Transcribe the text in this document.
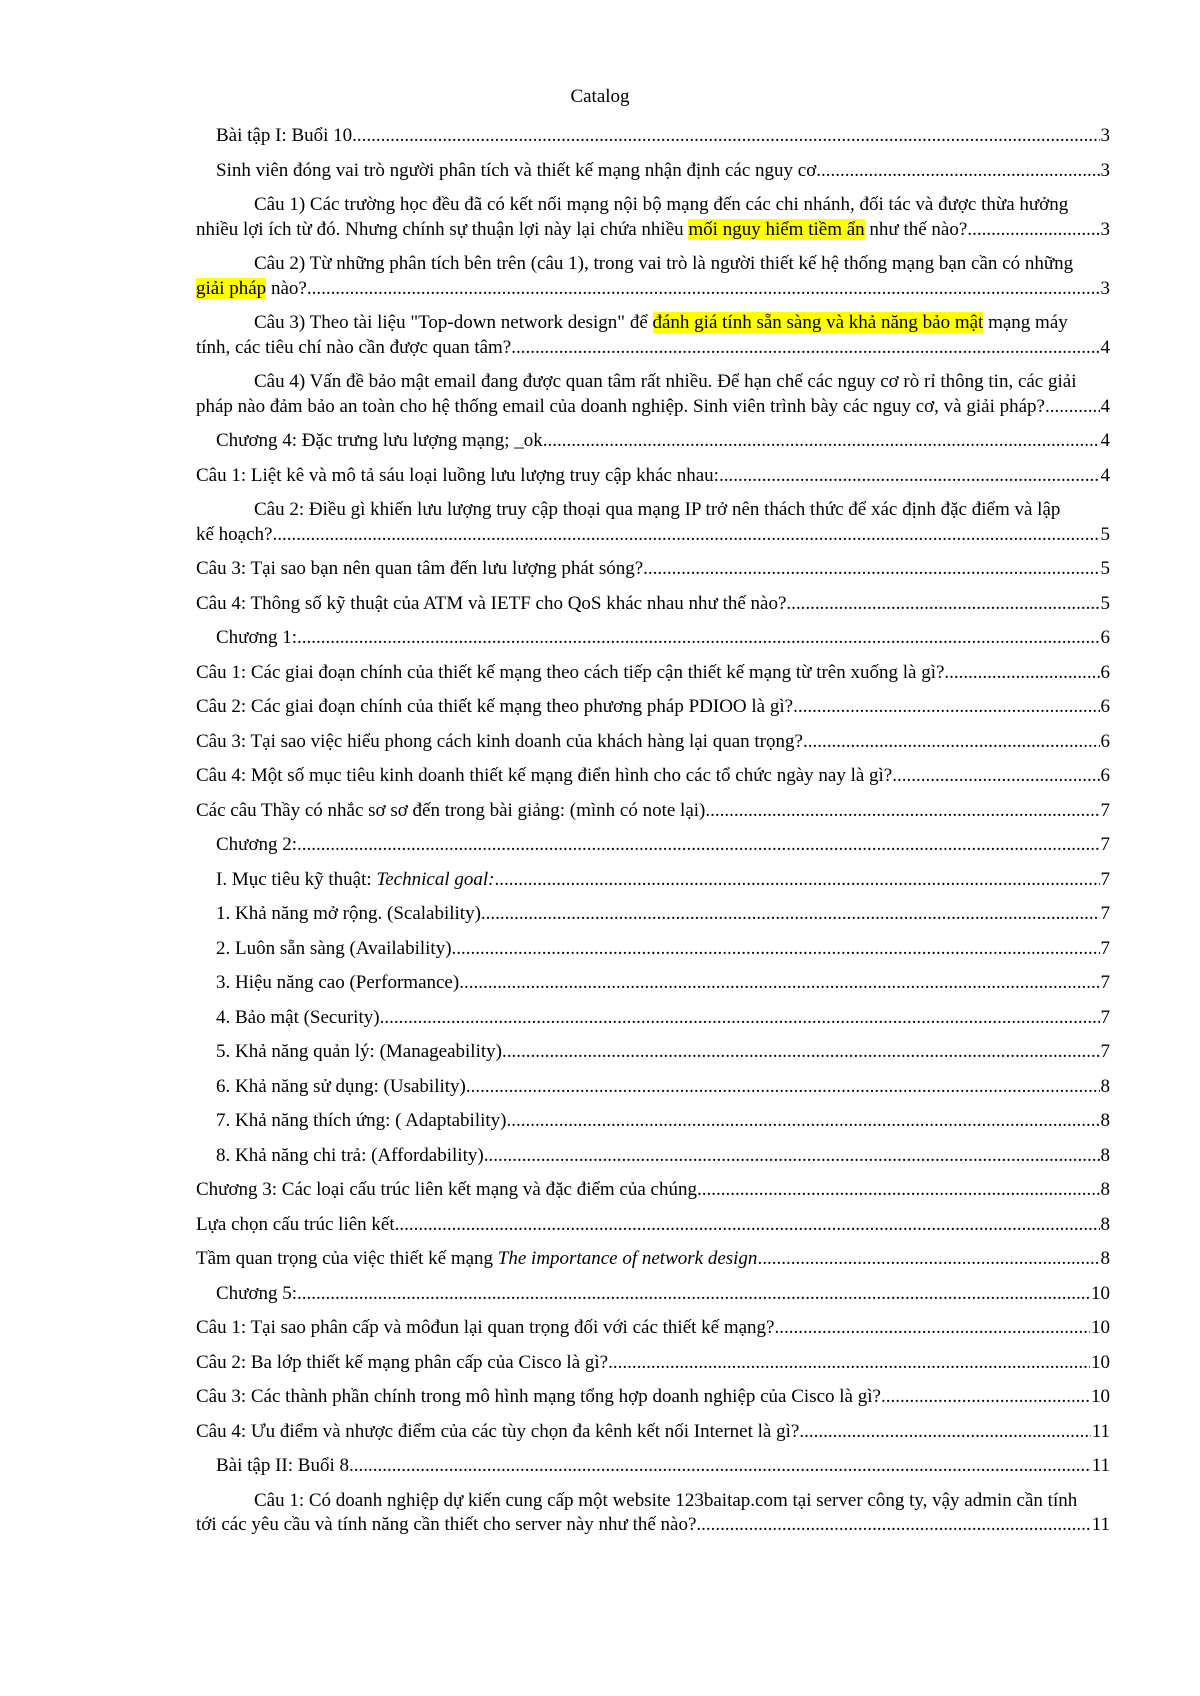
Catalog
Bài tập I: Buổi 10 .....	3
Sinh viên đóng vai trò người phân tích và thiết kế mạng nhận định các nguy cơ .....	3
Câu 1) Các trường học đều đã có kết nối mạng nội bộ mạng đến các chi nhánh, đối tác và được thừa hưởng
nhiều lợi ích từ đó. Nhưng chính sự thuận lợi này lại chứa nhiều mối nguy hiểm tiềm ẩn như thế nào? .....	3
Câu 2) Từ những phân tích bên trên (câu 1), trong vai trò là người thiết kế hệ thống mạng bạn cần có những
giải pháp nào? .....	3
Câu 3) Theo tài liệu "Top-down network design" để đánh giá tính sẵn sàng và khả năng bảo mật mạng máy
tính, các tiêu chí nào cần được quan tâm? .....	4
Câu 4) Vấn đề bảo mật email đang được quan tâm rất nhiều. Để hạn chế các nguy cơ rò rỉ thông tin, các giải
pháp nào đảm bảo an toàn cho hệ thống email của doanh nghiệp. Sinh viên trình bày các nguy cơ, và giải pháp? .....	4
Chương 4: Đặc trưng lưu lượng mạng; _ok .....	4
Câu 1: Liệt kê và mô tả sáu loại luồng lưu lượng truy cập khác nhau: .....	4
Câu 2: Điều gì khiến lưu lượng truy cập thoại qua mạng IP trở nên thách thức để xác định đặc điểm và lập
kế hoạch? .....	5
Câu 3: Tại sao bạn nên quan tâm đến lưu lượng phát sóng? .....	5
Câu 4: Thông số kỹ thuật của ATM và IETF cho QoS khác nhau như thế nào? .....	5
Chương 1: .....	6
Câu 1: Các giai đoạn chính của thiết kế mạng theo cách tiếp cận thiết kế mạng từ trên xuống là gì? .....	6
Câu 2: Các giai đoạn chính của thiết kế mạng theo phương pháp PDIOO là gì? .....	6
Câu 3: Tại sao việc hiểu phong cách kinh doanh của khách hàng lại quan trọng? .....	6
Câu 4: Một số mục tiêu kinh doanh thiết kế mạng điển hình cho các tổ chức ngày nay là gì? .....	6
Các câu Thầy có nhắc sơ sơ đến trong bài giảng: (mình có note lại) .....	7
Chương 2: .....	7
I. Mục tiêu kỹ thuật: Technical goal: .....	7
1. Khả năng mở rộng. (Scalability) .....	7
2. Luôn sẵn sàng (Availability) .....	7
3. Hiệu năng cao (Performance) .....	7
4. Bảo mật (Security) .....	7
5. Khả năng quản lý: (Manageability) .....	7
6. Khả năng sử dụng: (Usability) .....	8
7. Khả năng thích ứng: ( Adaptability) .....	8
8. Khả năng chi trả: (Affordability) .....	8
Chương 3: Các loại cấu trúc liên kết mạng và đặc điểm của chúng .....	8
Lựa chọn cấu trúc liên kết .....	8
Tầm quan trọng của việc thiết kế mạng The importance of network design .....	8
Chương 5: .....	10
Câu 1: Tại sao phân cấp và môđun lại quan trọng đối với các thiết kế mạng? .....	10
Câu 2: Ba lớp thiết kế mạng phân cấp của Cisco là gì? .....	10
Câu 3: Các thành phần chính trong mô hình mạng tổng hợp doanh nghiệp của Cisco là gì? .....	10
Câu 4: Ưu điểm và nhược điểm của các tùy chọn đa kênh kết nối Internet là gì? .....	11
Bài tập II: Buổi 8 .....	11
Câu 1: Có doanh nghiệp dự kiến cung cấp một website 123baitap.com tại server công ty, vậy admin cần tính
tới các yêu cầu và tính năng cần thiết cho server này như thế nào? .....	11
